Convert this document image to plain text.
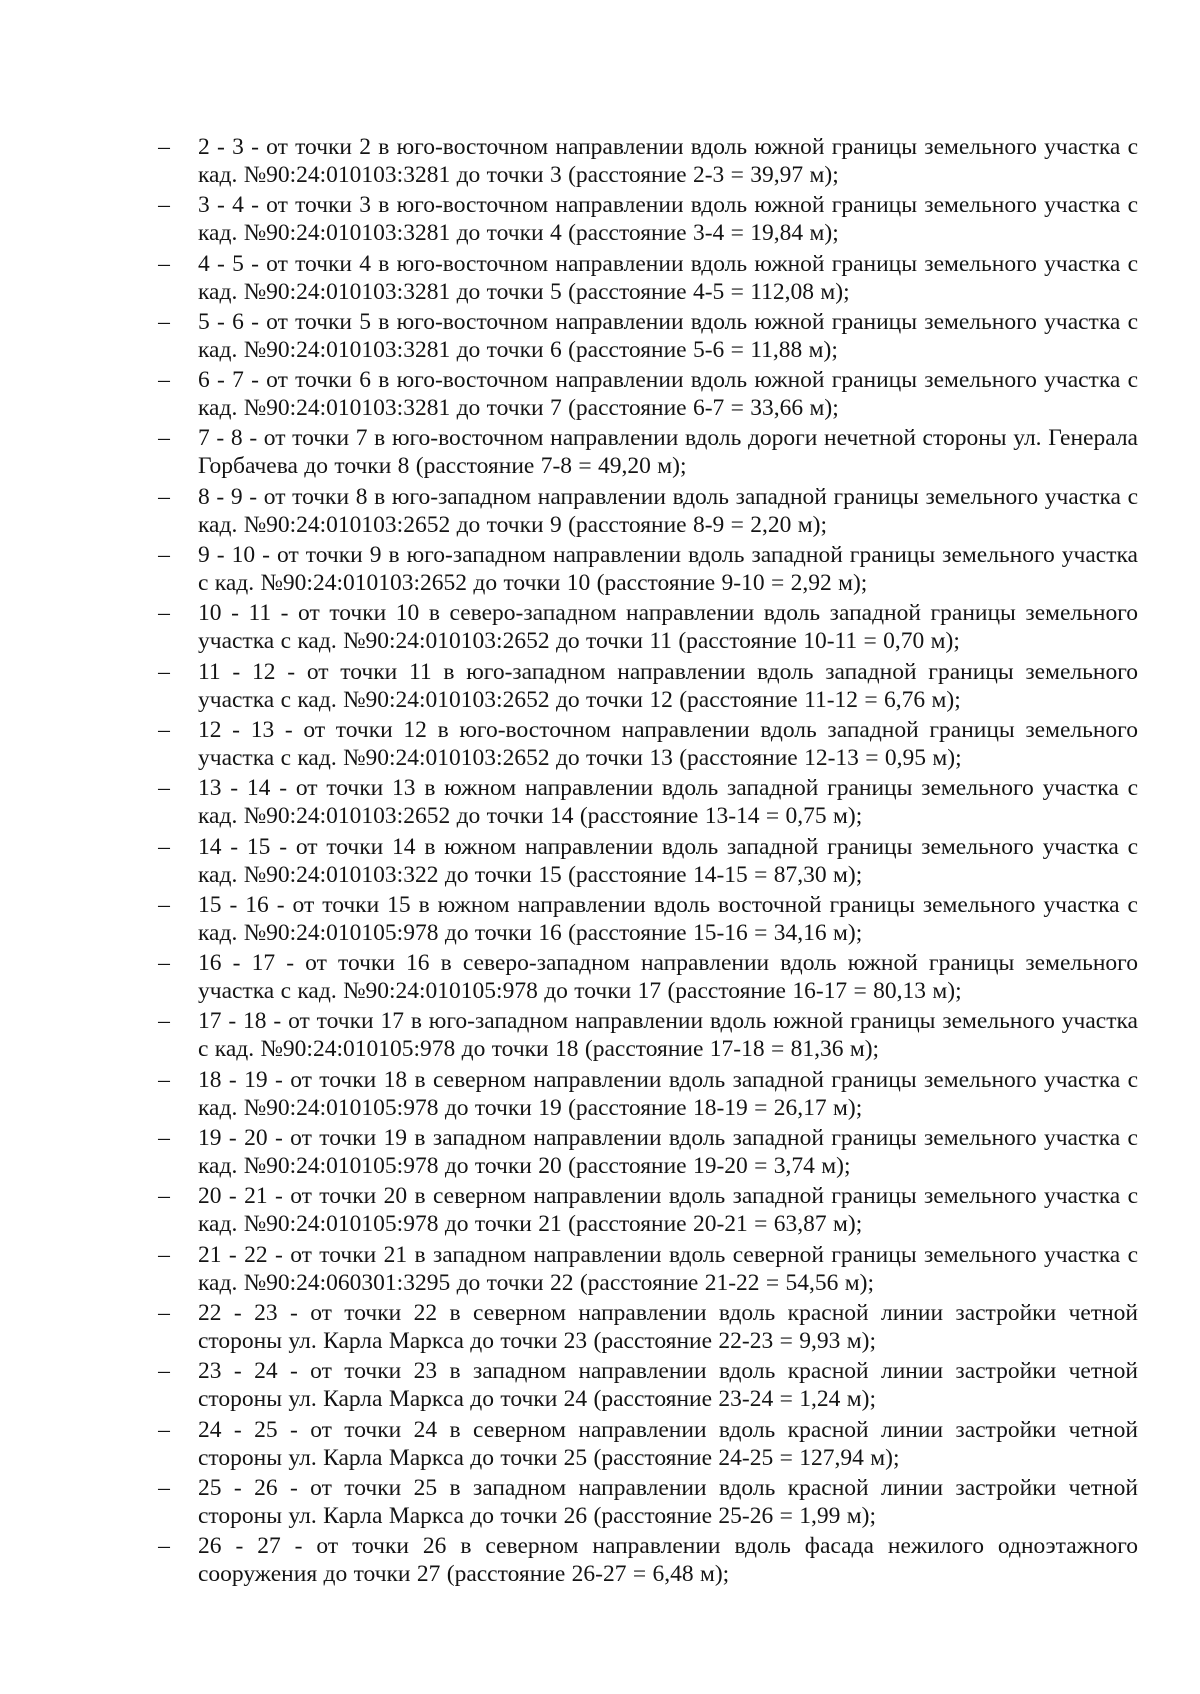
– 2 - 3 - от точки 2 в юго-восточном направлении вдоль южной границы земельного участка с кад. №90:24:010103:3281 до точки 3 (расстояние 2-3 = 39,97 м);
– 3 - 4 - от точки 3 в юго-восточном направлении вдоль южной границы земельного участка с кад. №90:24:010103:3281 до точки 4 (расстояние 3-4 = 19,84 м);
– 4 - 5 - от точки 4 в юго-восточном направлении вдоль южной границы земельного участка с кад. №90:24:010103:3281 до точки 5 (расстояние 4-5 = 112,08 м);
– 5 - 6 - от точки 5 в юго-восточном направлении вдоль южной границы земельного участка с кад. №90:24:010103:3281 до точки 6 (расстояние 5-6 = 11,88 м);
– 6 - 7 - от точки 6 в юго-восточном направлении вдоль южной границы земельного участка с кад. №90:24:010103:3281 до точки 7 (расстояние 6-7 = 33,66 м);
– 7 - 8 - от точки 7 в юго-восточном направлении вдоль дороги нечетной стороны ул. Генерала Горбачева до точки 8 (расстояние 7-8 = 49,20 м);
– 8 - 9 - от точки 8 в юго-западном направлении вдоль западной границы земельного участка с кад. №90:24:010103:2652 до точки 9 (расстояние 8-9 = 2,20 м);
– 9 - 10 - от точки 9 в юго-западном направлении вдоль западной границы земельного участка с кад. №90:24:010103:2652 до точки 10 (расстояние 9-10 = 2,92 м);
– 10 - 11 - от точки 10 в северо-западном направлении вдоль западной границы земельного участка с кад. №90:24:010103:2652 до точки 11 (расстояние 10-11 = 0,70 м);
– 11 - 12 - от точки 11 в юго-западном направлении вдоль западной границы земельного участка с кад. №90:24:010103:2652 до точки 12 (расстояние 11-12 = 6,76 м);
– 12 - 13 - от точки 12 в юго-восточном направлении вдоль западной границы земельного участка с кад. №90:24:010103:2652 до точки 13 (расстояние 12-13 = 0,95 м);
– 13 - 14 - от точки 13 в южном направлении вдоль западной границы земельного участка с кад. №90:24:010103:2652 до точки 14 (расстояние 13-14 = 0,75 м);
– 14 - 15 - от точки 14 в южном направлении вдоль западной границы земельного участка с кад. №90:24:010103:322 до точки 15 (расстояние 14-15 = 87,30 м);
– 15 - 16 - от точки 15 в южном направлении вдоль восточной границы земельного участка с кад. №90:24:010105:978 до точки 16 (расстояние 15-16 = 34,16 м);
– 16 - 17 - от точки 16 в северо-западном направлении вдоль южной границы земельного участка с кад. №90:24:010105:978 до точки 17 (расстояние 16-17 = 80,13 м);
– 17 - 18 - от точки 17 в юго-западном направлении вдоль южной границы земельного участка с кад. №90:24:010105:978 до точки 18 (расстояние 17-18 = 81,36 м);
– 18 - 19 - от точки 18 в северном направлении вдоль западной границы земельного участка с кад. №90:24:010105:978 до точки 19 (расстояние 18-19 = 26,17 м);
– 19 - 20 - от точки 19 в западном направлении вдоль западной границы земельного участка с кад. №90:24:010105:978 до точки 20 (расстояние 19-20 = 3,74 м);
– 20 - 21 - от точки 20 в северном направлении вдоль западной границы земельного участка с кад. №90:24:010105:978 до точки 21 (расстояние 20-21 = 63,87 м);
– 21 - 22 - от точки 21 в западном направлении вдоль северной границы земельного участка с кад. №90:24:060301:3295 до точки 22 (расстояние 21-22 = 54,56 м);
– 22 - 23 - от точки 22 в северном направлении вдоль красной линии застройки четной стороны ул. Карла Маркса до точки 23 (расстояние 22-23 = 9,93 м);
– 23 - 24 - от точки 23 в западном направлении вдоль красной линии застройки четной стороны ул. Карла Маркса до точки 24 (расстояние 23-24 = 1,24 м);
– 24 - 25 - от точки 24 в северном направлении вдоль красной линии застройки четной стороны ул. Карла Маркса до точки 25 (расстояние 24-25 = 127,94 м);
– 25 - 26 - от точки 25 в западном направлении вдоль красной линии застройки четной стороны ул. Карла Маркса до точки 26 (расстояние 25-26 = 1,99 м);
– 26 - 27 - от точки 26 в северном направлении вдоль фасада нежилого одноэтажного сооружения до точки 27 (расстояние 26-27 = 6,48 м);
